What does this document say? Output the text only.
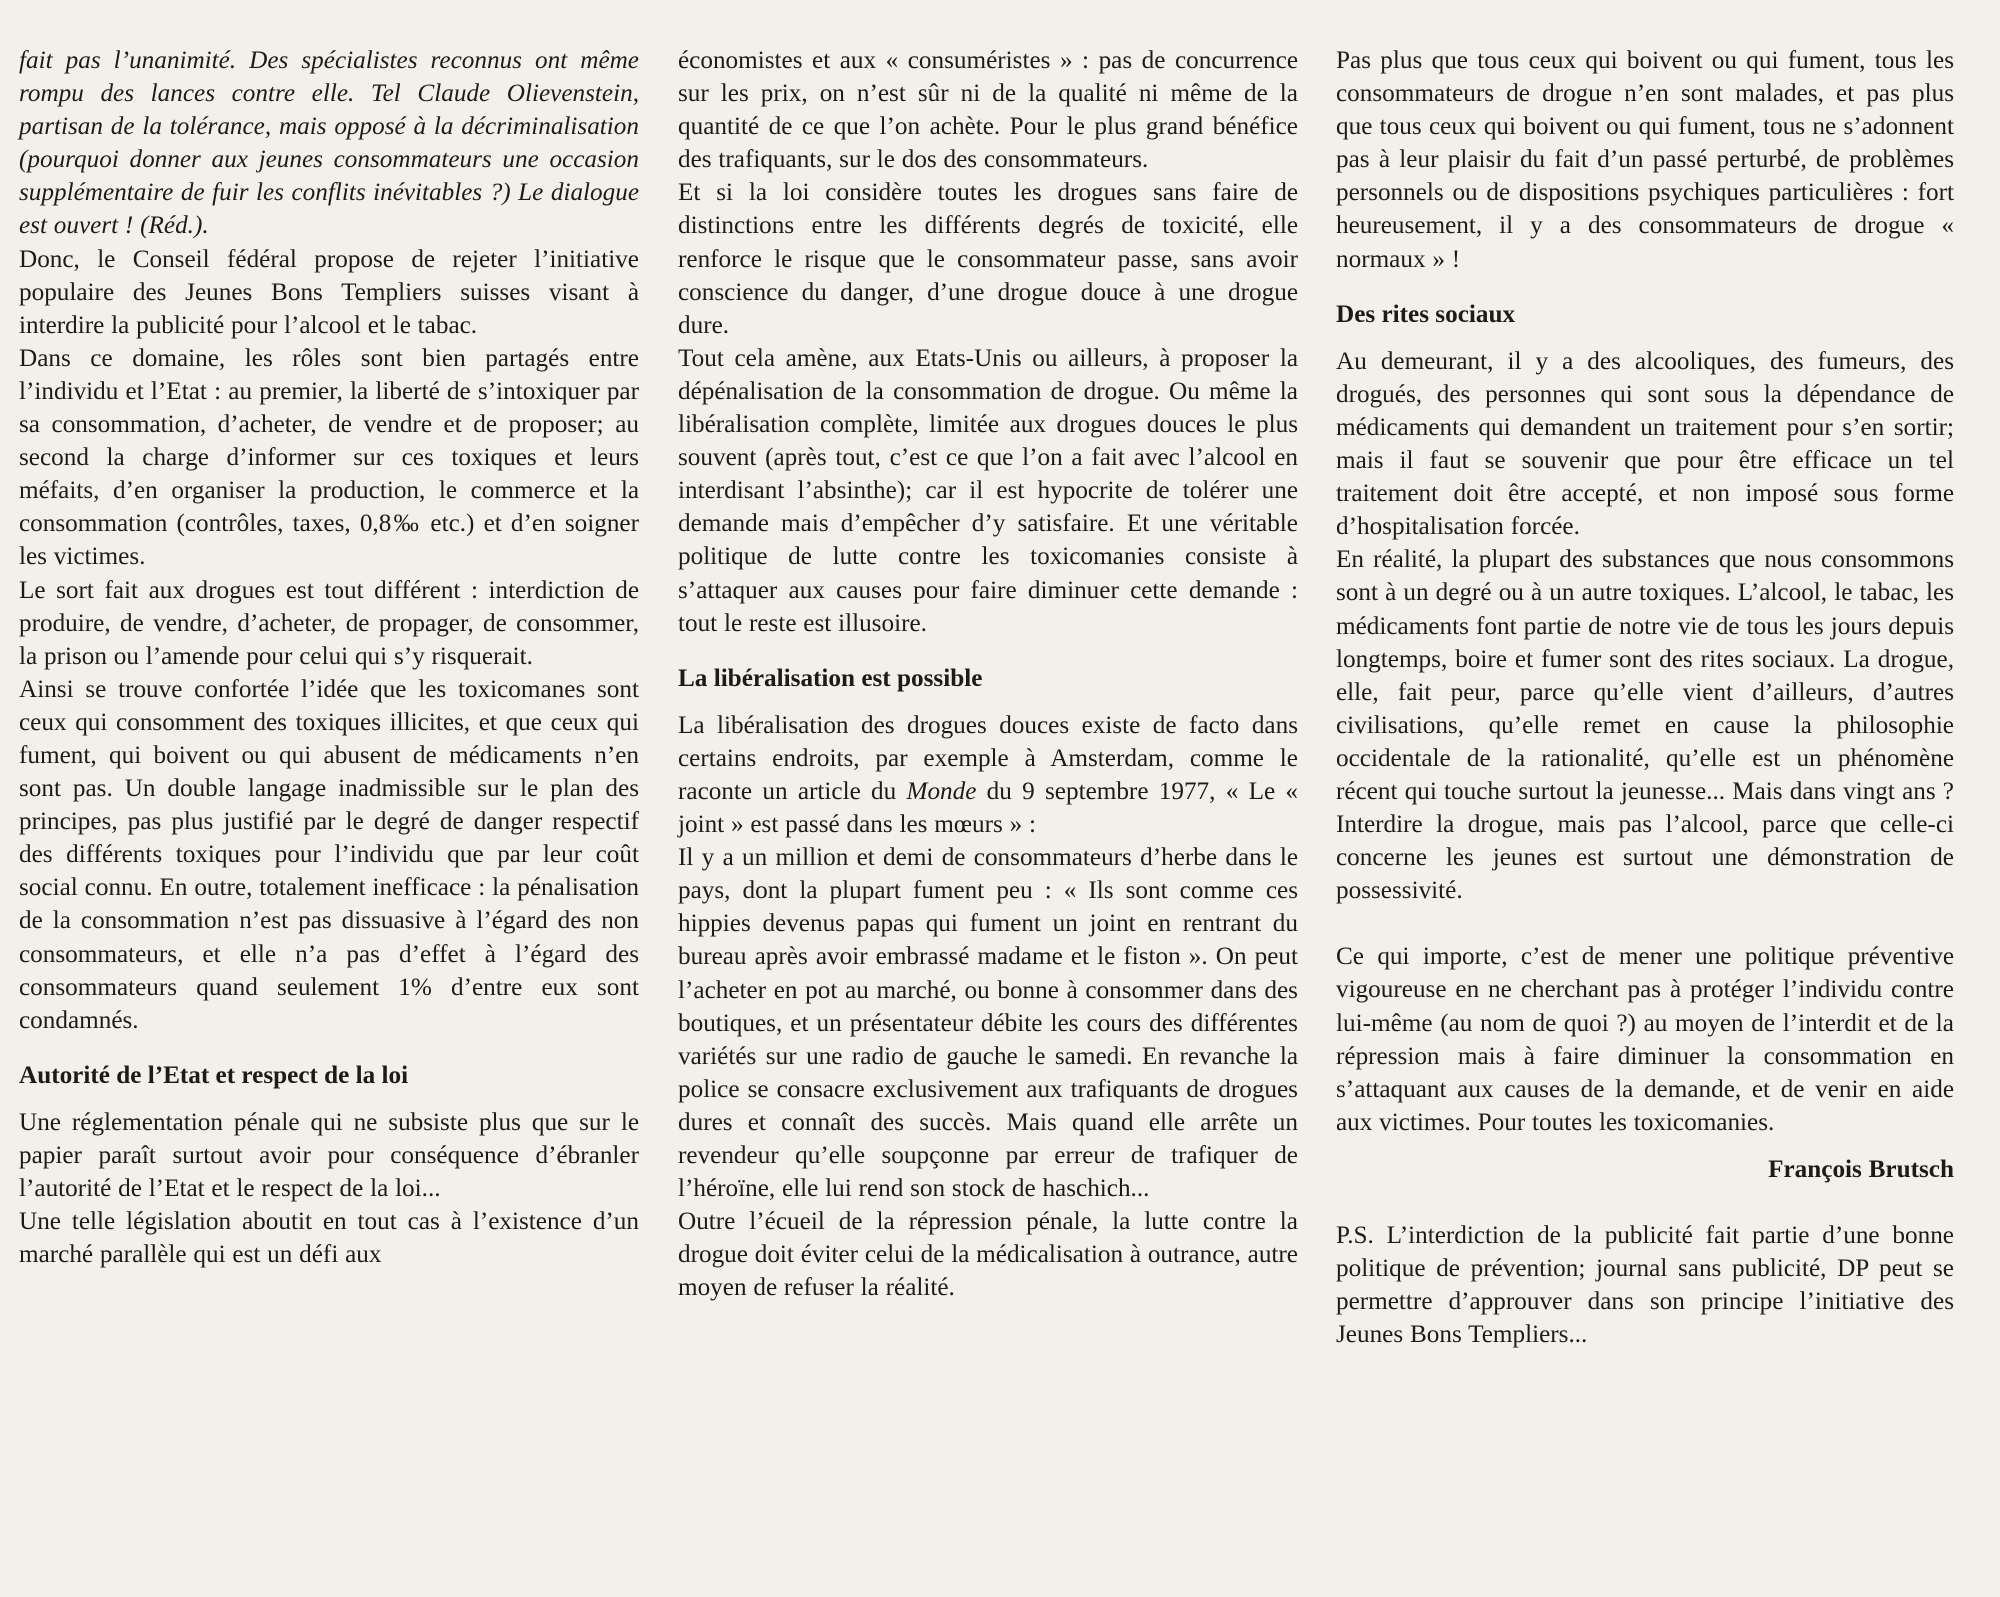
fait pas l’unanimité. Des spécialistes reconnus ont même rompu des lances contre elle. Tel Claude Olievenstein, partisan de la tolérance, mais opposé à la décriminalisation (pourquoi donner aux jeunes consommateurs une occasion supplémentaire de fuir les conflits inévitables ?) Le dialogue est ouvert ! (Réd.).

Donc, le Conseil fédéral propose de rejeter l’initiative populaire des Jeunes Bons Templiers suisses visant à interdire la publicité pour l’alcool et le tabac.

Dans ce domaine, les rôles sont bien partagés entre l’individu et l’Etat : au premier, la liberté de s’intoxiquer par sa consommation, d’acheter, de vendre et de proposer; au second la charge d’informer sur ces toxiques et leurs méfaits, d’en organiser la production, le commerce et la consommation (contrôles, taxes, 0,8‰ etc.) et d’en soigner les victimes.

Le sort fait aux drogues est tout différent : interdiction de produire, de vendre, d’acheter, de propager, de consommer, la prison ou l’amende pour celui qui s’y risquerait.

Ainsi se trouve confortée l’idée que les toxicomanes sont ceux qui consomment des toxiques illicites, et que ceux qui fument, qui boivent ou qui abusent de médicaments n’en sont pas. Un double langage inadmissible sur le plan des principes, pas plus justifié par le degré de danger respectif des différents toxiques pour l’individu que par leur coût social connu. En outre, totalement inefficace : la pénalisation de la consommation n’est pas dissuasive à l’égard des non consommateurs, et elle n’a pas d’effet à l’égard des consommateurs quand seulement 1% d’entre eux sont condamnés.

Autorité de l’Etat et respect de la loi

Une réglementation pénale qui ne subsiste plus que sur le papier paraît surtout avoir pour conséquence d’ébranler l’autorité de l’Etat et le respect de la loi...

Une telle législation aboutit en tout cas à l’existence d’un marché parallèle qui est un défi aux

économistes et aux « consuméristes » : pas de concurrence sur les prix, on n’est sûr ni de la qualité ni même de la quantité de ce que l’on achète. Pour le plus grand bénéfice des trafiquants, sur le dos des consommateurs.

Et si la loi considère toutes les drogues sans faire de distinctions entre les différents degrés de toxicité, elle renforce le risque que le consommateur passe, sans avoir conscience du danger, d’une drogue douce à une drogue dure.

Tout cela amène, aux Etats-Unis ou ailleurs, à proposer la dépénalisation de la consommation de drogue. Ou même la libéralisation complète, limitée aux drogues douces le plus souvent (après tout, c’est ce que l’on a fait avec l’alcool en interdisant l’absinthe); car il est hypocrite de tolérer une demande mais d’empêcher d’y satisfaire. Et une véritable politique de lutte contre les toxicomanies consiste à s’attaquer aux causes pour faire diminuer cette demande : tout le reste est illusoire.

La libéralisation est possible

La libéralisation des drogues douces existe de facto dans certains endroits, par exemple à Amsterdam, comme le raconte un article du Monde du 9 septembre 1977, « Le « joint » est passé dans les mœurs » :

Il y a un million et demi de consommateurs d’herbe dans le pays, dont la plupart fument peu : « Ils sont comme ces hippies devenus papas qui fument un joint en rentrant du bureau après avoir embrassé madame et le fiston ». On peut l’acheter en pot au marché, ou bonne à consommer dans des boutiques, et un présentateur débite les cours des différentes variétés sur une radio de gauche le samedi. En revanche la police se consacre exclusivement aux trafiquants de drogues dures et connaît des succès. Mais quand elle arrête un revendeur qu’elle soupçonne par erreur de trafiquer de l’héroïne, elle lui rend son stock de haschich...

Outre l’écueil de la répression pénale, la lutte contre la drogue doit éviter celui de la médicalisation à outrance, autre moyen de refuser la réalité.

Pas plus que tous ceux qui boivent ou qui fument, tous les consommateurs de drogue n’en sont malades, et pas plus que tous ceux qui boivent ou qui fument, tous ne s’adonnent pas à leur plaisir du fait d’un passé perturbé, de problèmes personnels ou de dispositions psychiques particulières : fort heureusement, il y a des consommateurs de drogue « normaux » !

Des rites sociaux

Au demeurant, il y a des alcooliques, des fumeurs, des drogués, des personnes qui sont sous la dépendance de médicaments qui demandent un traitement pour s’en sortir; mais il faut se souvenir que pour être efficace un tel traitement doit être accepté, et non imposé sous forme d’hospitalisation forcée.

En réalité, la plupart des substances que nous consommons sont à un degré ou à un autre toxiques. L’alcool, le tabac, les médicaments font partie de notre vie de tous les jours depuis longtemps, boire et fumer sont des rites sociaux. La drogue, elle, fait peur, parce qu’elle vient d’ailleurs, d’autres civilisations, qu’elle remet en cause la philosophie occidentale de la rationalité, qu’elle est un phénomène récent qui touche surtout la jeunesse... Mais dans vingt ans ? Interdire la drogue, mais pas l’alcool, parce que celle-ci concerne les jeunes est surtout une démonstration de possessivité.

Ce qui importe, c’est de mener une politique préventive vigoureuse en ne cherchant pas à protéger l’individu contre lui-même (au nom de quoi ?) au moyen de l’interdit et de la répression mais à faire diminuer la consommation en s’attaquant aux causes de la demande, et de venir en aide aux victimes. Pour toutes les toxicomanies.

François Brutsch

P.S. L’interdiction de la publicité fait partie d’une bonne politique de prévention; journal sans publicité, DP peut se permettre d’approuver dans son principe l’initiative des Jeunes Bons Templiers...
